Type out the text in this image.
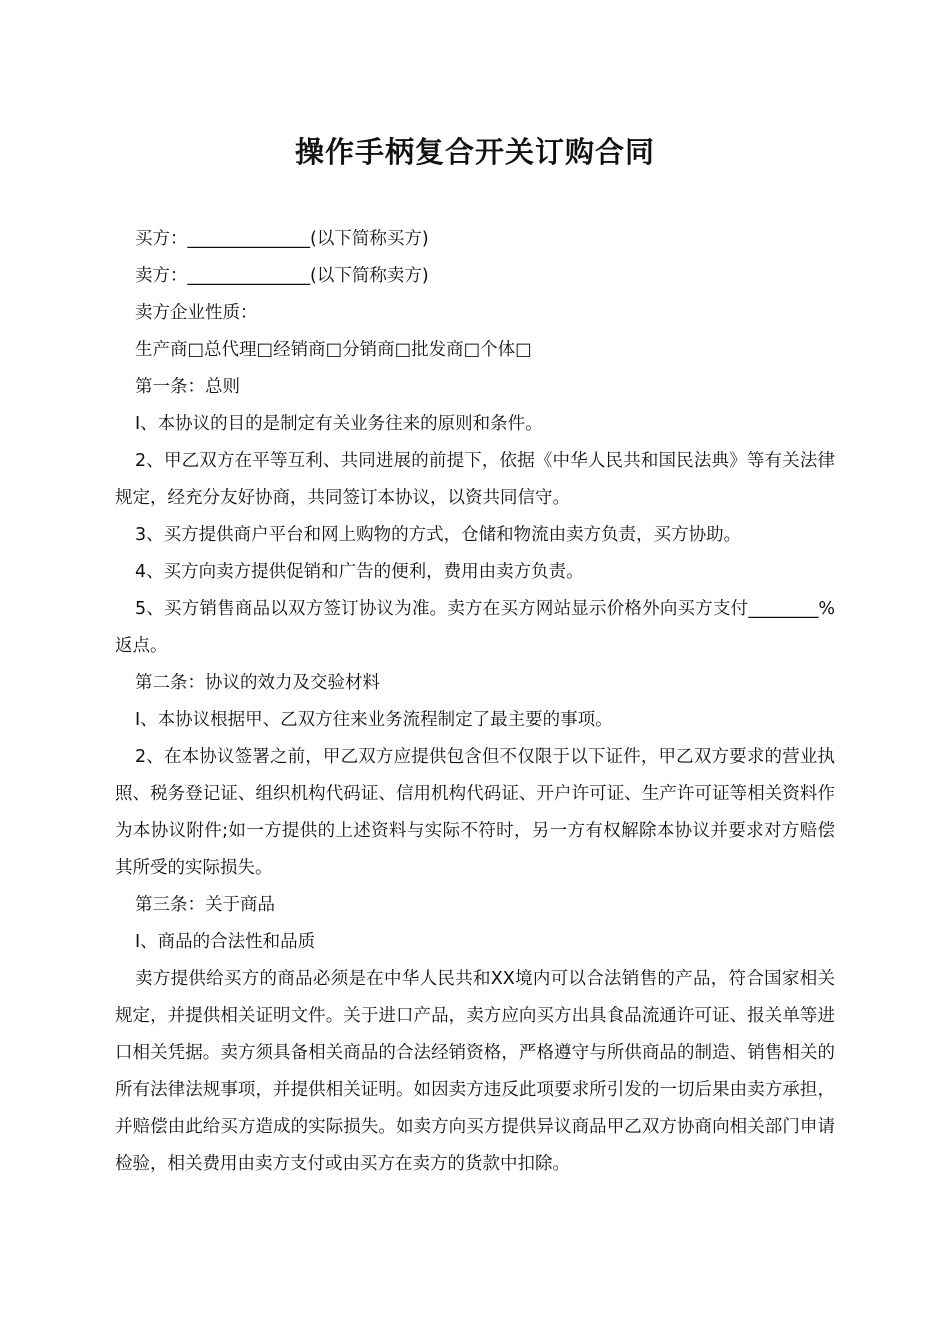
操作手柄复合开关订购合同

买方：______________(以下简称买方)

卖方：______________(以下简称卖方)

卖方企业性质：

生产商□总代理□经销商□分销商□批发商□个体□

第一条：总则

I、本协议的目的是制定有关业务往来的原则和条件。

2、甲乙双方在平等互利、共同进展的前提下，依据《中华人民共和国民法典》等有关法律规定，经充分友好协商，共同签订本协议，以资共同信守。

3、买方提供商户平台和网上购物的方式，仓储和物流由卖方负责，买方协助。

4、买方向卖方提供促销和广告的便利，费用由卖方负责。

5、买方销售商品以双方签订协议为准。卖方在买方网站显示价格外向买方支付________%返点。

第二条：协议的效力及交验材料

I、本协议根据甲、乙双方往来业务流程制定了最主要的事项。

2、在本协议签署之前，甲乙双方应提供包含但不仅限于以下证件，甲乙双方要求的营业执照、税务登记证、组织机构代码证、信用机构代码证、开户许可证、生产许可证等相关资料作为本协议附件;如一方提供的上述资料与实际不符时，另一方有权解除本协议并要求对方赔偿其所受的实际损失。

第三条：关于商品

I、商品的合法性和品质

卖方提供给买方的商品必须是在中华人民共和XX境内可以合法销售的产品，符合国家相关规定，并提供相关证明文件。关于进口产品，卖方应向买方出具食品流通许可证、报关单等进口相关凭据。卖方须具备相关商品的合法经销资格，严格遵守与所供商品的制造、销售相关的所有法律法规事项，并提供相关证明。如因卖方违反此项要求所引发的一切后果由卖方承担，并赔偿由此给买方造成的实际损失。如卖方向买方提供异议商品甲乙双方协商向相关部门申请检验，相关费用由卖方支付或由买方在卖方的货款中扣除。
